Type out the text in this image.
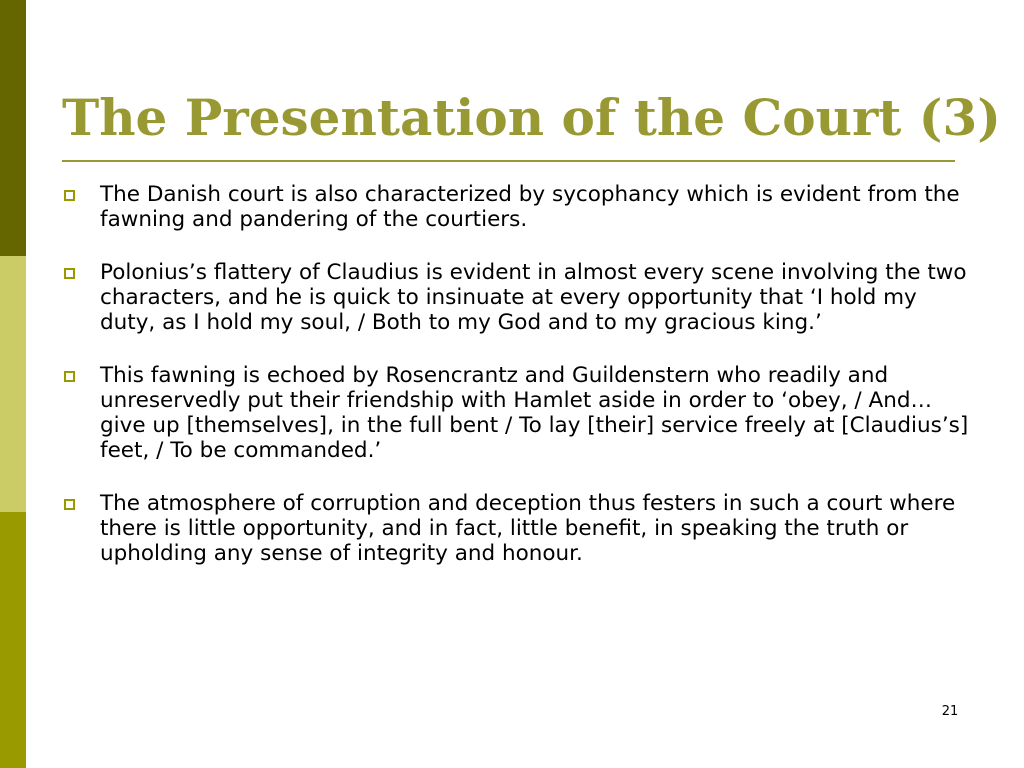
The Presentation of the Court (3)
The Danish court is also characterized by sycophancy which is evident from the fawning and pandering of the courtiers.
Polonius’s flattery of Claudius is evident in almost every scene involving the two characters, and he is quick to insinuate at every opportunity that ‘I hold my duty, as I hold my soul, / Both to my God and to my gracious king.’
This fawning is echoed by Rosencrantz and Guildenstern who readily and unreservedly put their friendship with Hamlet aside in order to ‘obey, / And…give up [themselves], in the full bent / To lay [their] service freely at [Claudius’s] feet, / To be commanded.’
The atmosphere of corruption and deception thus festers in such a court where there is little opportunity, and in fact, little benefit, in speaking the truth or upholding any sense of integrity and honour.
21
